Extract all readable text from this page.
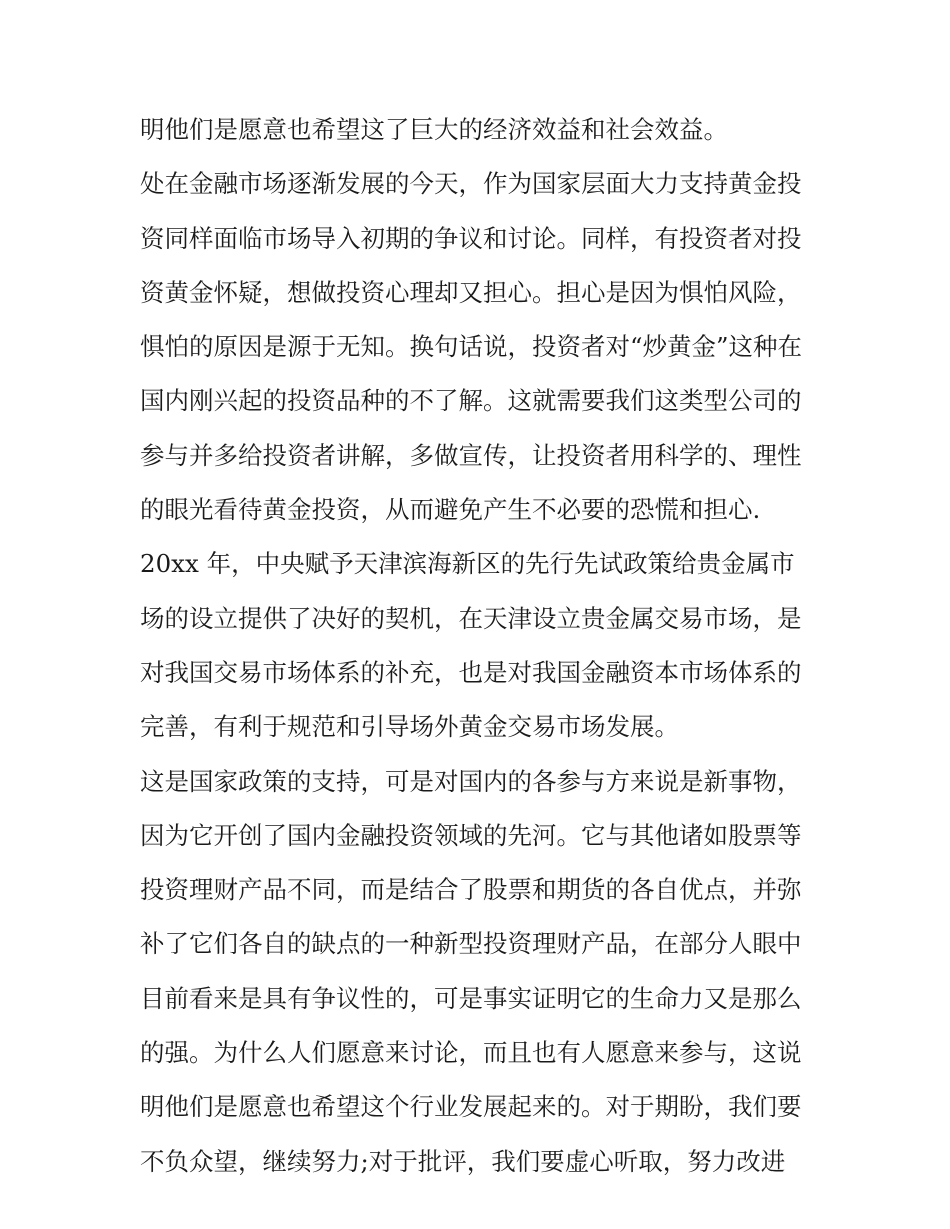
明他们是愿意也希望这了巨大的经济效益和社会效益。
处在金融市场逐渐发展的今天，作为国家层面大力支持黄金投
资同样面临市场导入初期的争议和讨论。同样，有投资者对投
资黄金怀疑，想做投资心理却又担心。担心是因为惧怕风险，
惧怕的原因是源于无知。换句话说，投资者对“炒黄金”这种在
国内刚兴起的投资品种的不了解。这就需要我们这类型公司的
参与并多给投资者讲解，多做宣传，让投资者用科学的、理性
的眼光看待黄金投资，从而避免产生不必要的恐慌和担心.
20xx 年，中央赋予天津滨海新区的先行先试政策给贵金属市
场的设立提供了决好的契机，在天津设立贵金属交易市场，是
对我国交易市场体系的补充，也是对我国金融资本市场体系的
完善，有利于规范和引导场外黄金交易市场发展。
这是国家政策的支持，可是对国内的各参与方来说是新事物，
因为它开创了国内金融投资领域的先河。它与其他诸如股票等
投资理财产品不同，而是结合了股票和期货的各自优点，并弥
补了它们各自的缺点的一种新型投资理财产品，在部分人眼中
目前看来是具有争议性的，可是事实证明它的生命力又是那么
的强。为什么人们愿意来讨论，而且也有人愿意来参与，这说
明他们是愿意也希望这个行业发展起来的。对于期盼，我们要
不负众望，继续努力;对于批评，我们要虚心听取，努力改进
